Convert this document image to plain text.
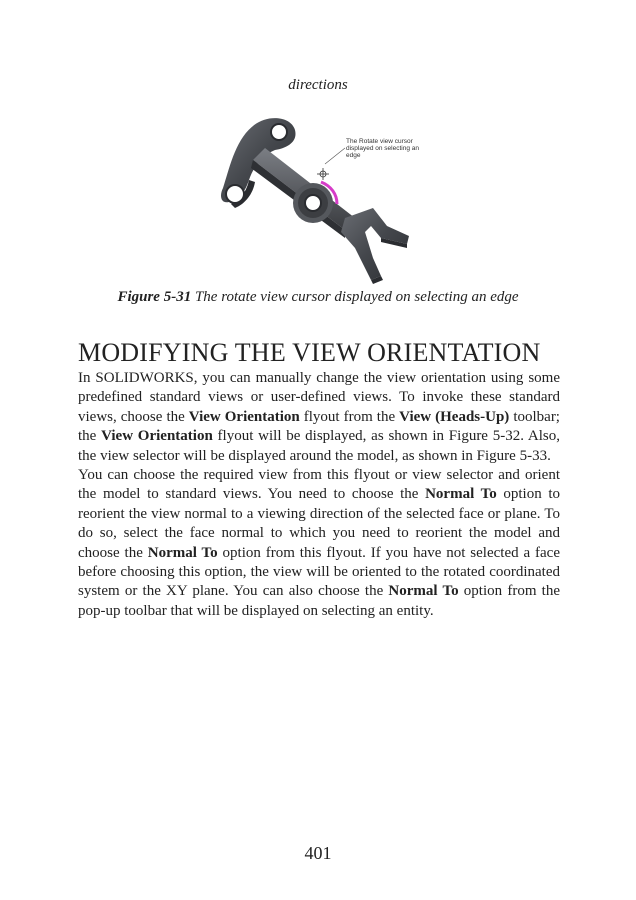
directions
The Rotate view cursor displayed on selecting an edge
Figure 5-31 The rotate view cursor displayed on selecting an edge
MODIFYING THE VIEW ORIENTATION

In SOLIDWORKS, you can manually change the view orientation using some predefined standard views or user-defined views. To invoke these standard views, choose the View Orientation flyout from the View (Heads-Up) toolbar; the View Orientation flyout will be displayed, as shown in Figure 5-32. Also, the view selector will be displayed around the model, as shown in Figure 5-33.

You can choose the required view from this flyout or view selector and orient the model to standard views. You need to choose the Normal To option to reorient the view normal to a viewing direction of the selected face or plane. To do so, select the face normal to which you need to reorient the model and choose the Normal To option from this flyout. If you have not selected a face before choosing this option, the view will be oriented to the rotated coordinated system or the XY plane. You can also choose the Normal To option from the pop-up toolbar that will be displayed on selecting an entity.

401
